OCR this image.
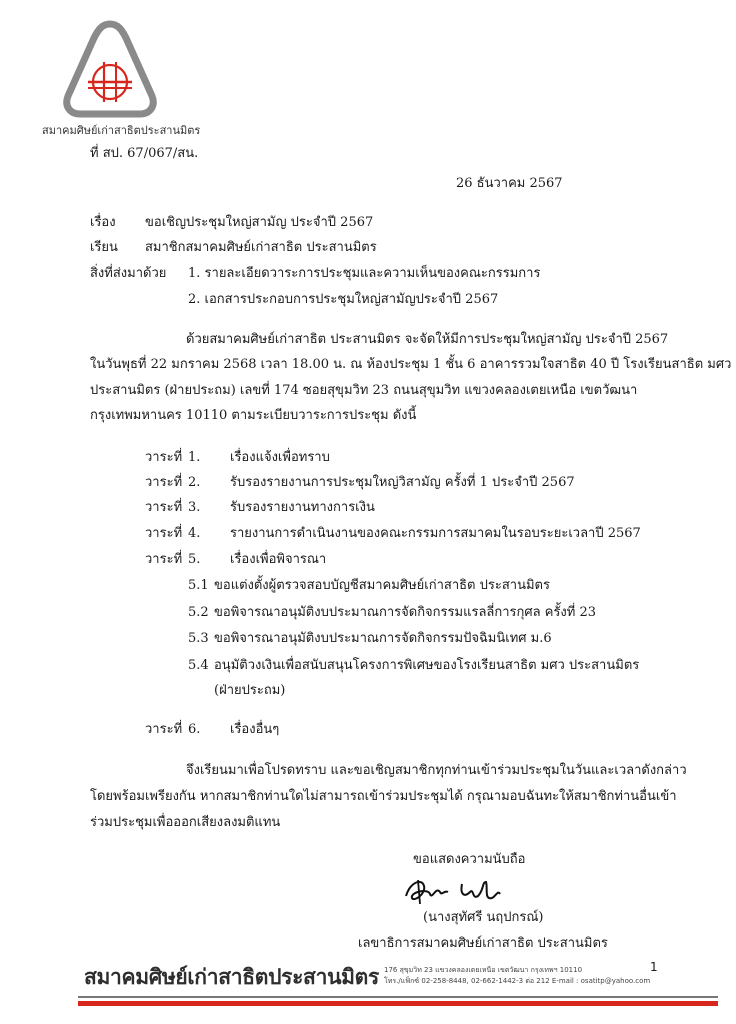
สมาคมศิษย์เก่าสาธิตประสานมิตร
ที่ สป. 67/067/สน.
26 ธันวาคม 2567
เรื่อง ขอเชิญประชุมใหญ่สามัญ ประจำปี 2567
เรียน สมาชิกสมาคมศิษย์เก่าสาธิต ประสานมิตร
สิ่งที่ส่งมาด้วย 1. รายละเอียดวาระการประชุมและความเห็นของคณะกรรมการ
2. เอกสารประกอบการประชุมใหญ่สามัญประจำปี 2567
ด้วยสมาคมศิษย์เก่าสาธิต ประสานมิตร จะจัดให้มีการประชุมใหญ่สามัญ ประจำปี 2567
ในวันพุธที่ 22 มกราคม 2568 เวลา 18.00 น. ณ ห้องประชุม 1 ชั้น 6 อาคารรวมใจสาธิต 40 ปี โรงเรียนสาธิต มศว
ประสานมิตร (ฝ่ายประถม) เลขที่ 174 ซอยสุขุมวิท 23 ถนนสุขุมวิท แขวงคลองเตยเหนือ เขตวัฒนา
กรุงเทพมหานคร 10110 ตามระเบียบวาระการประชุม ดังนี้
วาระที่ 1. เรื่องแจ้งเพื่อทราบ
วาระที่ 2. รับรองรายงานการประชุมใหญ่วิสามัญ ครั้งที่ 1 ประจำปี 2567
วาระที่ 3. รับรองรายงานทางการเงิน
วาระที่ 4. รายงานการดำเนินงานของคณะกรรมการสมาคมในรอบระยะเวลาปี 2567
วาระที่ 5. เรื่องเพื่อพิจารณา
5.1 ขอแต่งตั้งผู้ตรวจสอบบัญชีสมาคมศิษย์เก่าสาธิต ประสานมิตร
5.2 ขอพิจารณาอนุมัติงบประมาณการจัดกิจกรรมแรลลี่การกุศล ครั้งที่ 23
5.3 ขอพิจารณาอนุมัติงบประมาณการจัดกิจกรรมปัจฉิมนิเทศ ม.6
5.4 อนุมัติวงเงินเพื่อสนับสนุนโครงการพิเศษของโรงเรียนสาธิต มศว ประสานมิตร
(ฝ่ายประถม)
วาระที่ 6. เรื่องอื่นๆ
จึงเรียนมาเพื่อโปรดทราบ และขอเชิญสมาชิกทุกท่านเข้าร่วมประชุมในวันและเวลาดังกล่าว
โดยพร้อมเพรียงกัน หากสมาชิกท่านใดไม่สามารถเข้าร่วมประชุมได้ กรุณามอบฉันทะให้สมาชิกท่านอื่นเข้า
ร่วมประชุมเพื่อออกเสียงลงมติแทน
ขอแสดงความนับถือ
(นางสุทัศรี นฤปกรณ์)
เลขาธิการสมาคมศิษย์เก่าสาธิต ประสานมิตร
สมาคมศิษย์เก่าสาธิตประสานมิตร 176 สุขุมวิท 23 แขวงคลองเตยเหนือ เขตวัฒนา กรุงเทพฯ 10110
โทร./แฟ็กซ์ 02-258-8448, 02-662-1442-3 ต่อ 212 E-mail : osatitp@yahoo.com
1
